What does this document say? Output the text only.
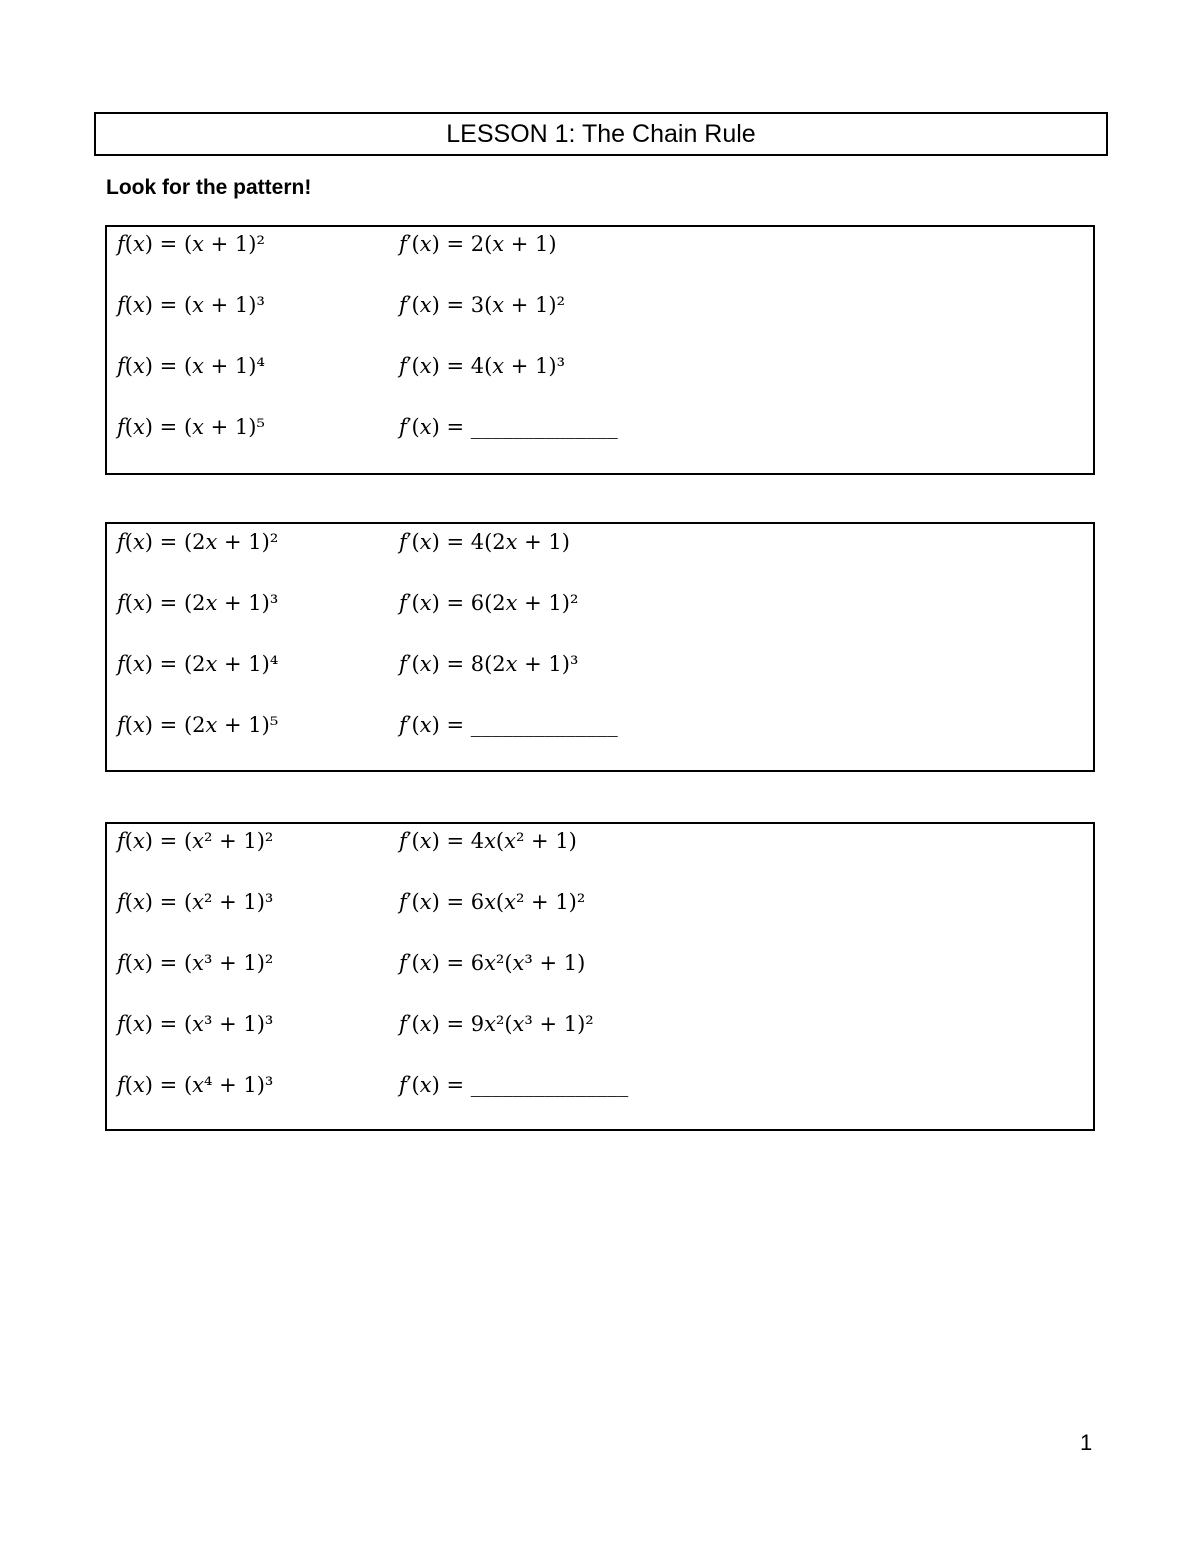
LESSON 1: The Chain Rule
Look for the pattern!
𝑓(𝑥) = (𝑥 + 1)²	𝑓′(𝑥) = 2(𝑥 + 1)
𝑓(𝑥) = (𝑥 + 1)³	𝑓′(𝑥) = 3(𝑥 + 1)²
𝑓(𝑥) = (𝑥 + 1)⁴	𝑓′(𝑥) = 4(𝑥 + 1)³
𝑓(𝑥) = (𝑥 + 1)⁵	𝑓′(𝑥) = ______________
𝑓(𝑥) = (2𝑥 + 1)²	𝑓′(𝑥) = 4(2𝑥 + 1)
𝑓(𝑥) = (2𝑥 + 1)³	𝑓′(𝑥) = 6(2𝑥 + 1)²
𝑓(𝑥) = (2𝑥 + 1)⁴	𝑓′(𝑥) = 8(2𝑥 + 1)³
𝑓(𝑥) = (2𝑥 + 1)⁵	𝑓′(𝑥) = ______________
𝑓(𝑥) = (𝑥² + 1)²	𝑓′(𝑥) = 4𝑥(𝑥² + 1)
𝑓(𝑥) = (𝑥² + 1)³	𝑓′(𝑥) = 6𝑥(𝑥² + 1)²
𝑓(𝑥) = (𝑥³ + 1)²	𝑓′(𝑥) = 6𝑥²(𝑥³ + 1)
𝑓(𝑥) = (𝑥³ + 1)³	𝑓′(𝑥) = 9𝑥²(𝑥³ + 1)²
𝑓(𝑥) = (𝑥⁴ + 1)³	𝑓′(𝑥) = _______________
1
